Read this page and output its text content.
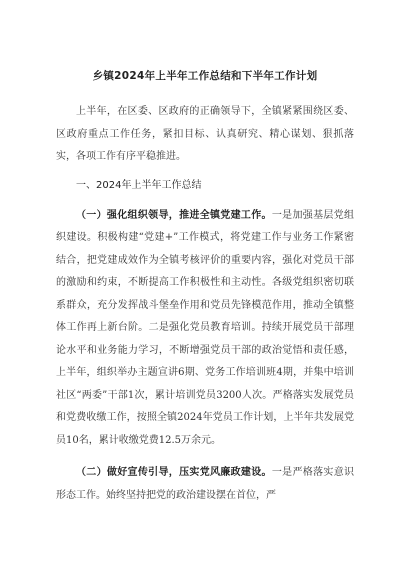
乡镇2024年上半年工作总结和下半年工作计划

上半年，在区委、区政府的正确领导下，全镇紧紧围绕区委、区政府重点工作任务，紧扣目标、认真研究、精心谋划、狠抓落实，各项工作有序平稳推进。

一、2024年上半年工作总结

（一）强化组织领导，推进全镇党建工作。一是加强基层党组织建设。积极构建“党建+”工作模式，将党建工作与业务工作紧密结合，把党建成效作为全镇考核评价的重要内容，强化对党员干部的激励和约束，不断提高工作积极性和主动性。各级党组织密切联系群众，充分发挥战斗堡垒作用和党员先锋模范作用，推动全镇整体工作再上新台阶。二是强化党员教育培训。持续开展党员干部理论水平和业务能力学习，不断增强党员干部的政治觉悟和责任感，上半年，组织举办主题宣讲6期、党务工作培训班4期，并集中培训社区“两委”干部1次，累计培训党员3200人次。严格落实发展党员和党费收缴工作，按照全镇2024年党员工作计划，上半年共发展党员10名，累计收缴党费12.5万余元。

（二）做好宣传引导，压实党风廉政建设。一是严格落实意识形态工作。始终坚持把党的政治建设摆在首位，严
